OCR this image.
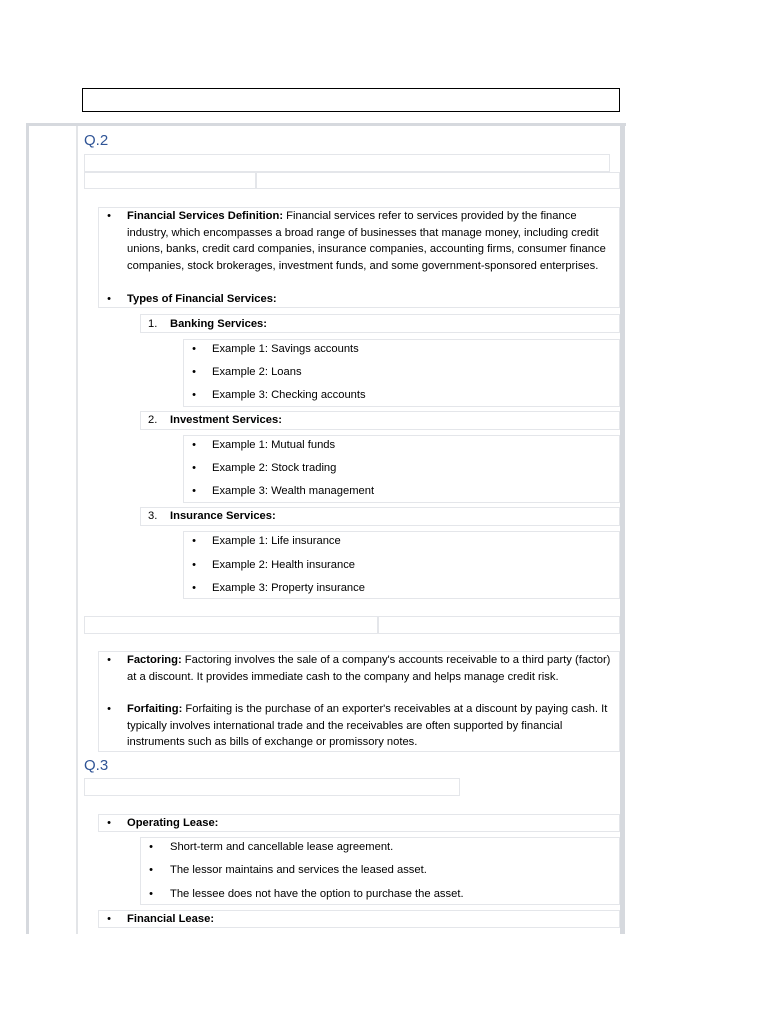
Q.2
• Financial Services Definition: Financial services refer to services provided by the finance industry, which encompasses a broad range of businesses that manage money, including credit unions, banks, credit card companies, insurance companies, accounting firms, consumer finance companies, stock brokerages, investment funds, and some government-sponsored enterprises.
• Types of Financial Services:
1. Banking Services:
• Example 1: Savings accounts
• Example 2: Loans
• Example 3: Checking accounts
2. Investment Services:
• Example 1: Mutual funds
• Example 2: Stock trading
• Example 3: Wealth management
3. Insurance Services:
• Example 1: Life insurance
• Example 2: Health insurance
• Example 3: Property insurance
• Factoring: Factoring involves the sale of a company's accounts receivable to a third party (factor) at a discount. It provides immediate cash to the company and helps manage credit risk.
• Forfaiting: Forfaiting is the purchase of an exporter's receivables at a discount by paying cash. It typically involves international trade and the receivables are often supported by financial instruments such as bills of exchange or promissory notes.
Q.3
• Operating Lease:
• Short-term and cancellable lease agreement.
• The lessor maintains and services the leased asset.
• The lessee does not have the option to purchase the asset.
• Financial Lease:
